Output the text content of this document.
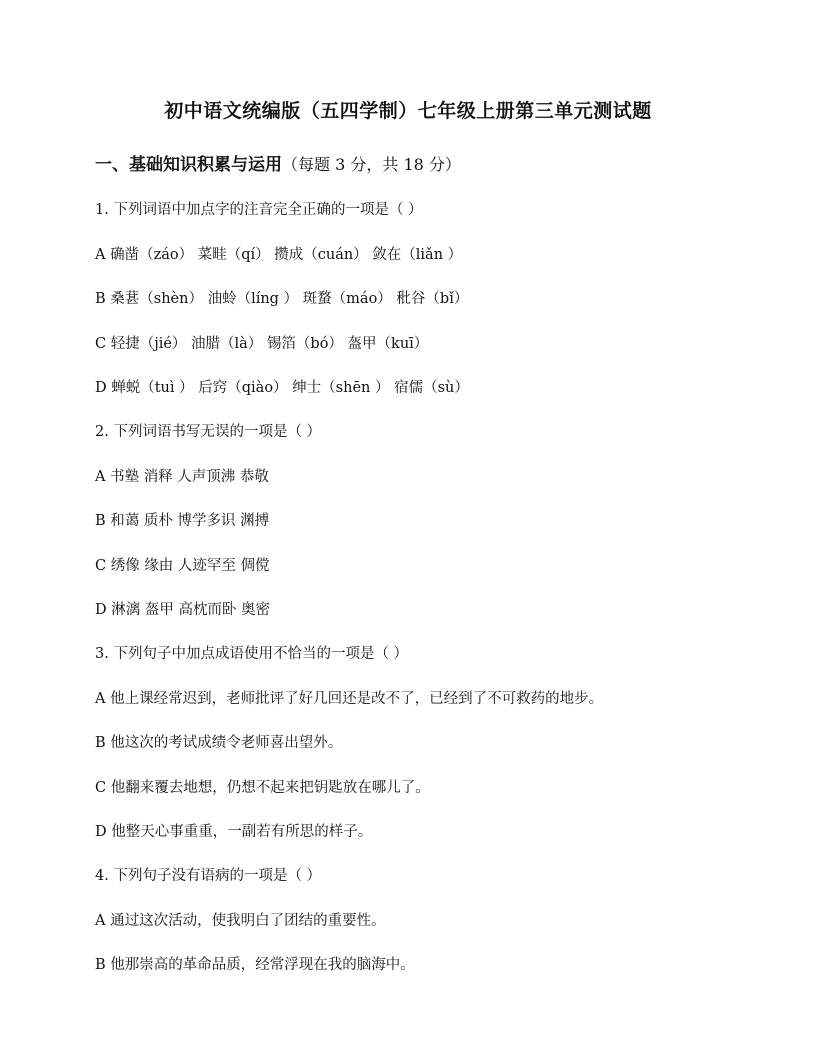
初中语文统编版（五四学制）七年级上册第三单元测试题
一、基础知识积累与运用（每题 3 分，共 18 分）
1. 下列词语中加点字的注音完全正确的一项是（ ）
A 确凿（záo） 菜畦（qí） 攒成（cuán） 敛在（liǎn ）
B 桑葚（shèn） 油蛉（líng ） 斑蝥（máo） 秕谷（bǐ）
C 轻捷（jié） 油腊（là） 锡箔（bó） 盔甲（kuī）
D 蝉蜕（tuì ） 后窍（qiào） 绅士（shēn ） 宿儒（sù）
2. 下列词语书写无误的一项是（ ）
A 书塾 消释 人声顶沸 恭敬
B 和蔼 质朴 博学多识 渊搏
C 绣像 缘由 人迹罕至 倜傥
D 淋漓 盔甲 高枕而卧 奥密
3. 下列句子中加点成语使用不恰当的一项是（ ）
A 他上课经常迟到，老师批评了好几回还是改不了，已经到了不可救药的地步。
B 他这次的考试成绩令老师喜出望外。
C 他翻来覆去地想，仍想不起来把钥匙放在哪儿了。
D 他整天心事重重，一副若有所思的样子。
4. 下列句子没有语病的一项是（ ）
A 通过这次活动，使我明白了团结的重要性。
B 他那崇高的革命品质，经常浮现在我的脑海中。
